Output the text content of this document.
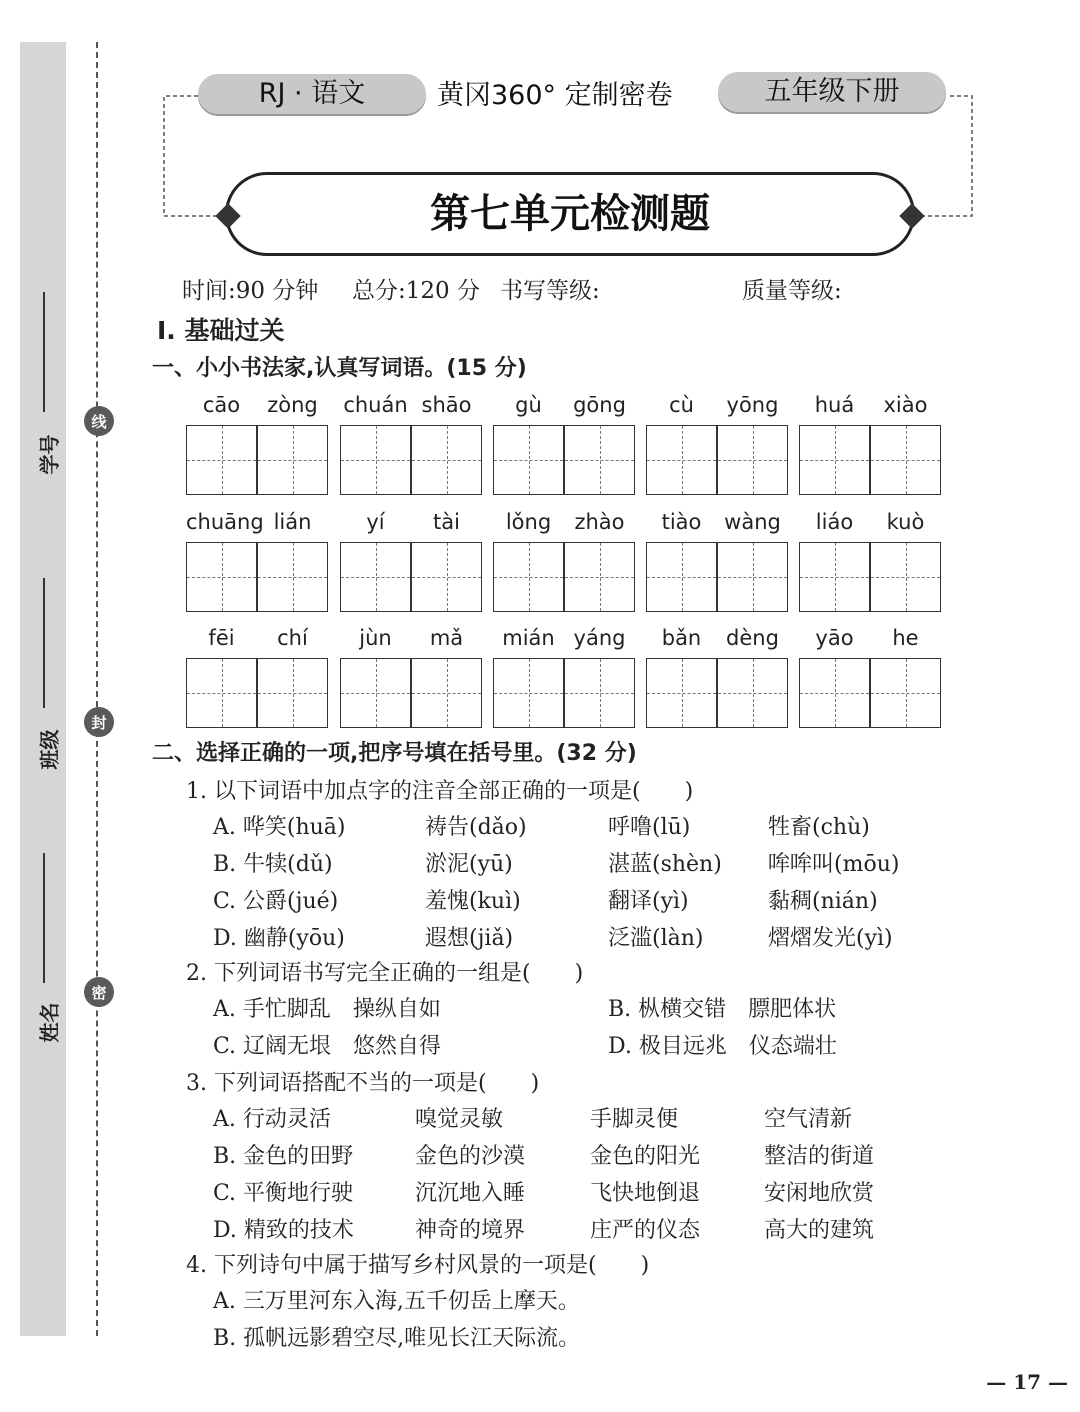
学号
班级
姓名
线
封
密
RJ · 语文	黄冈360° 定制密卷	五年级下册
第七单元检测题
时间:90 分钟 总分:120 分 书写等级:	质量等级:
Ⅰ. 基础过关
一、小小书法家,认真写词语。(15 分)
cāo	zòng	chuán shāo	gù	gōng	cù	yōng	huá	xiào
chuāng lián	yí	tài	lǒng	zhào	tiào	wàng	liáo	kuò
fēi	chí	jùn	mǎ	mián yáng	bǎn	dèng	yāo	he
二、选择正确的一项,把序号填在括号里。(32 分)
1. 以下词语中加点字的注音全部正确的一项是(　　)
A. 哗笑(huā)	祷告(dǎo)	呼噜(lū)	牲畜(chù)
B. 牛犊(dǔ)	淤泥(yū)	湛蓝(shèn) 哞哞叫(mōu)
C. 公爵(jué)	羞愧(kuì)	翻译(yì)	黏稠(nián)
D. 幽静(yōu)	遐想(jiǎ)	泛滥(làn)	熠熠发光(yì)
2. 下列词语书写完全正确的一组是(　　)
A. 手忙脚乱　操纵自如	B. 枞横交错　膘肥体状
C. 辽阔无垠　悠然自得	D. 极目远兆　仪态端壮
3. 下列词语搭配不当的一项是(　　)
A. 行动灵活	嗅觉灵敏	手脚灵便	空气清新
B. 金色的田野	金色的沙漠	金色的阳光	整洁的街道
C. 平衡地行驶	沉沉地入睡	飞快地倒退	安闲地欣赏
D. 精致的技术	神奇的境界	庄严的仪态	高大的建筑
4. 下列诗句中属于描写乡村风景的一项是(　　)
A. 三万里河东入海,五千仞岳上摩天。
B. 孤帆远影碧空尽,唯见长江天际流。
— 17 —
